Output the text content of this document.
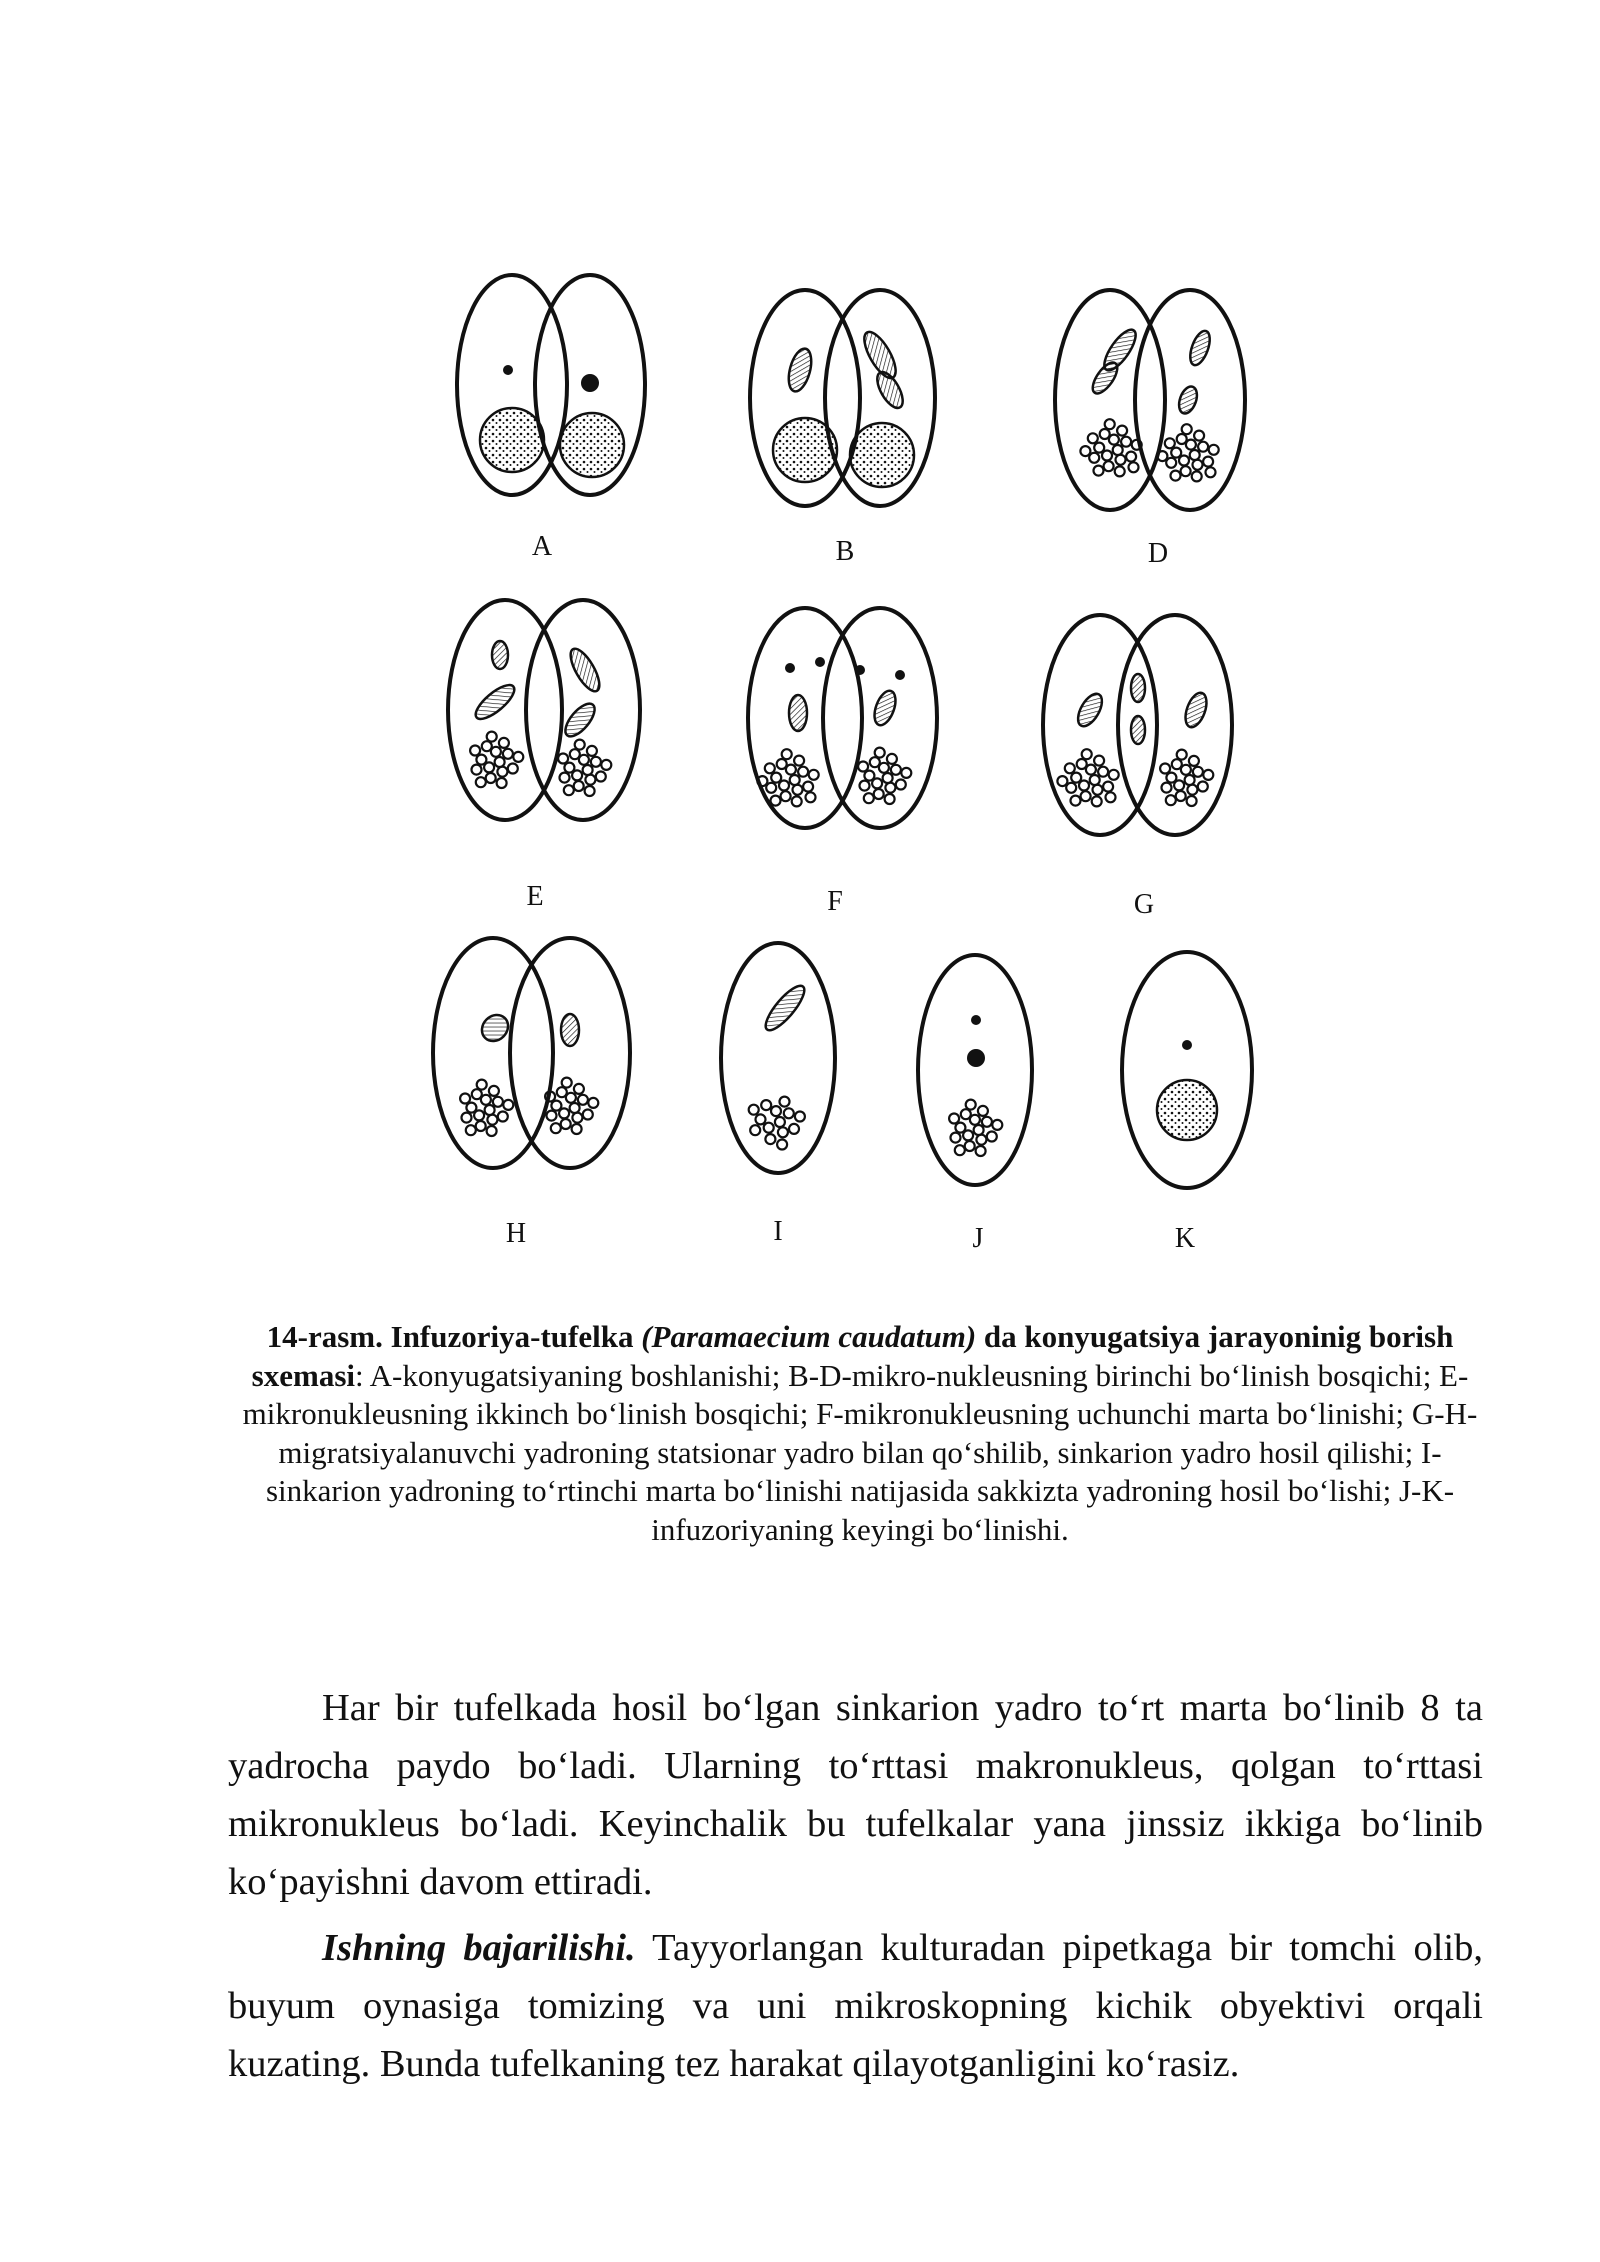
A	B	D
E	F	G
H	I	J	K
14-rasm. Infuzoriya-tufelka (Paramaecium caudatum) da konyugatsiya jarayoninig borish sxemasi: A-konyugatsiyaning boshlanishi; B-D-mikro-nukleusning birinchi bo‘linish bosqichi; E-mikronukleusning ikkinch bo‘linish bosqichi; F-mikronukleusning uchunchi marta bo‘linishi; G-H-migratsiyalanuvchi yadroning statsionar yadro bilan qo‘shilib, sinkarion yadro hosil qilishi; I-sinkarion yadroning to‘rtinchi marta bo‘linishi natijasida sakkizta yadroning hosil bo‘lishi; J-K-infuzoriyaning keyingi bo‘linishi.

Har bir tufelkada hosil bo‘lgan sinkarion yadro to‘rt marta bo‘linib 8 ta yadrocha paydo bo‘ladi. Ularning to‘rttasi makronukleus, qolgan to‘rttasi mikronukleus bo‘ladi. Keyinchalik bu tufelkalar yana jinssiz ikkiga bo‘linib ko‘payishni davom ettiradi.

Ishning bajarilishi. Tayyorlangan kulturadan pipetkaga bir tomchi olib, buyum oynasiga tomizing va uni mikroskopning kichik obyektivi orqali kuzating. Bunda tufelkaning tez harakat qilayotganligini ko‘rasiz.
